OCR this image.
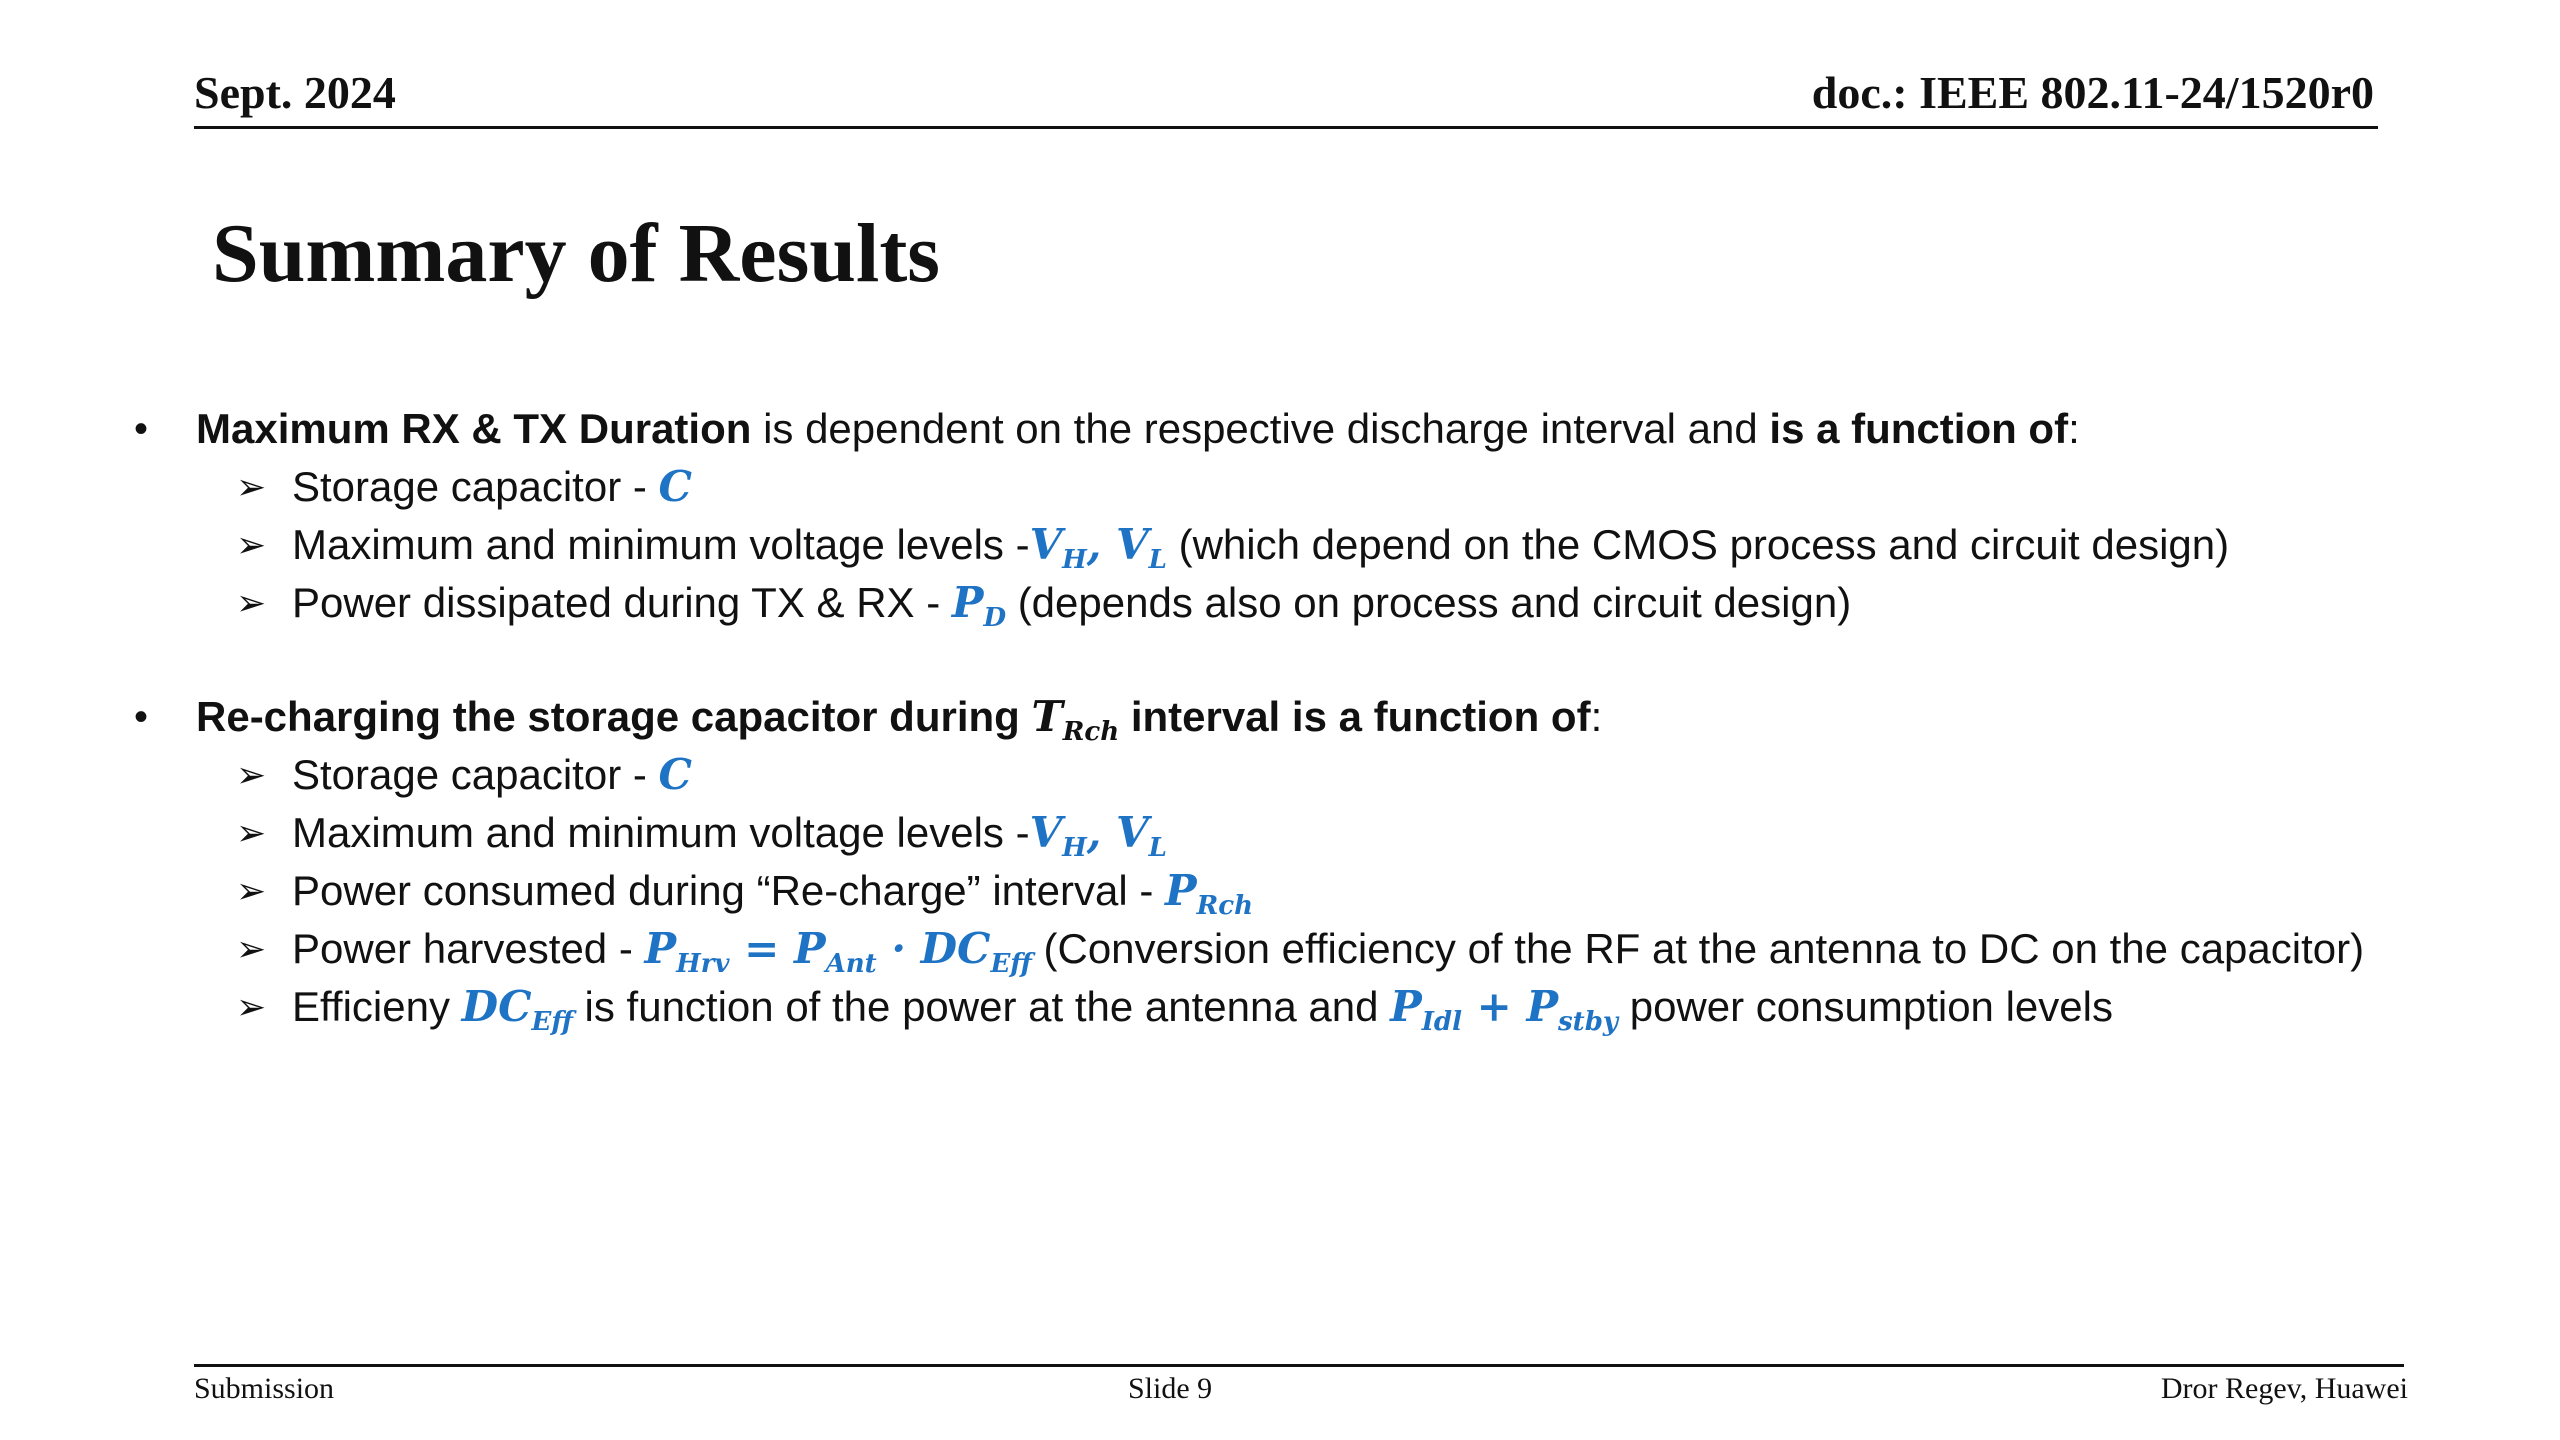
Sept. 2024	doc.: IEEE 802.11-24/1520r0
Summary of Results
• Maximum RX & TX Duration is dependent on the respective discharge interval and is a function of:
➢ Storage capacitor - C
➢ Maximum and minimum voltage levels $-V_H$, $V_L$ (which depend on the CMOS process and circuit design)
➢ Power dissipated during TX & RX - $P_D$ (depends also on process and circuit design)
• Re-charging the storage capacitor during $T_{Rch}$ interval is a function of:
➢ Storage capacitor - C
➢ Maximum and minimum voltage levels $-V_H$, $V_L$
➢ Power consumed during “Re-charge” interval - $P_{Rch}$
➢ Power harvested - $P_{Hrv} = P_{Ant} \cdot DC_{Eff}$ (Conversion efficiency of the RF at the antenna to DC on the capacitor)
➢ Efficieny $DC_{Eff}$ is function of the power at the antenna and $P_{Idl} + P_{stby}$ power consumption levels
Submission	Slide 9	Dror Regev, Huawei
